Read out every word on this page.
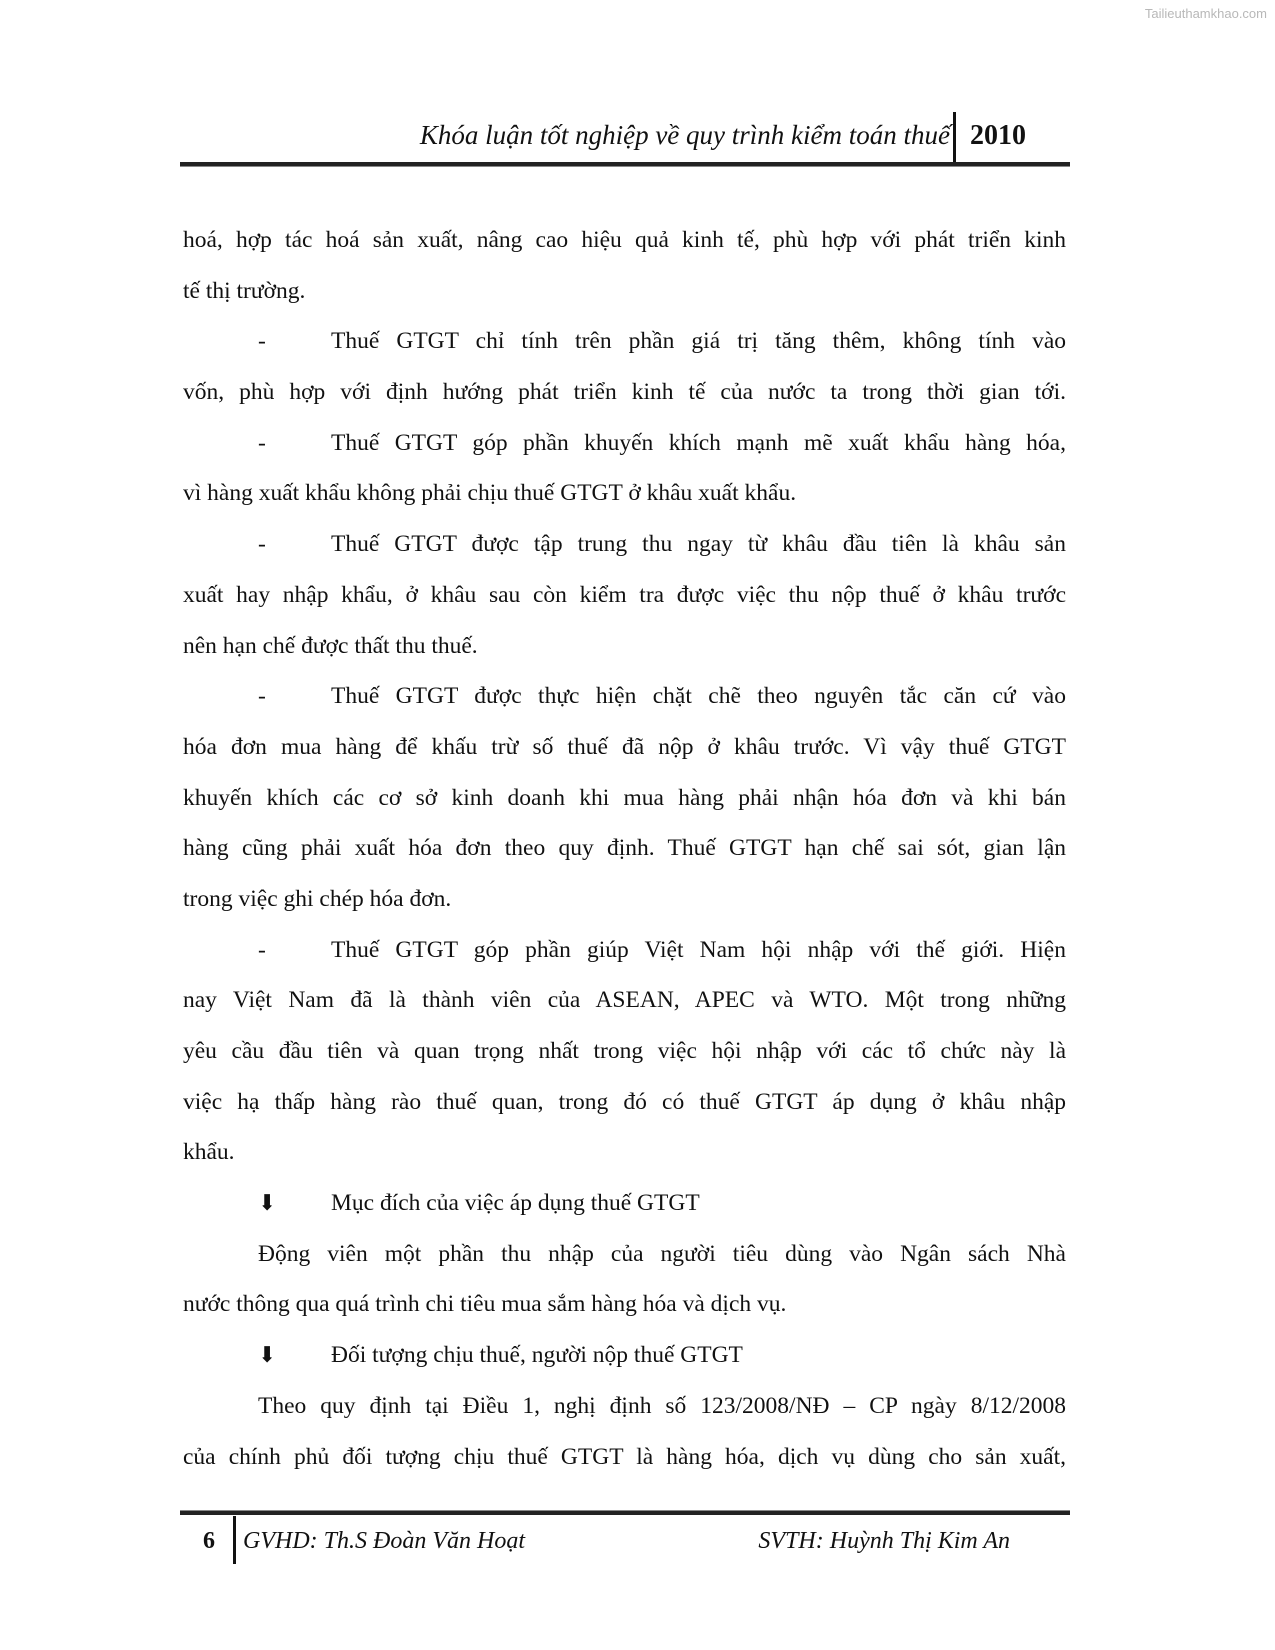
Tailieuthamkhao.com
Khóa luận tốt nghiệp về quy trình kiểm toán thuế 2010
hoá, hợp tác hoá sản xuất, nâng cao hiệu quả kinh tế, phù hợp với phát triển kinh
tế thị trường.
-	Thuế GTGT chỉ tính trên phần giá trị tăng thêm, không tính vào
vốn, phù hợp với định hướng phát triển kinh tế của nước ta trong thời gian tới.
-	Thuế GTGT góp phần khuyến khích mạnh mẽ xuất khẩu hàng hóa,
vì hàng xuất khẩu không phải chịu thuế GTGT ở khâu xuất khẩu.
-	Thuế GTGT được tập trung thu ngay từ khâu đầu tiên là khâu sản
xuất hay nhập khẩu, ở khâu sau còn kiểm tra được việc thu nộp thuế ở khâu trước
nên hạn chế được thất thu thuế.
-	Thuế GTGT được thực hiện chặt chẽ theo nguyên tắc căn cứ vào
hóa đơn mua hàng để khấu trừ số thuế đã nộp ở khâu trước. Vì vậy thuế GTGT
khuyến khích các cơ sở kinh doanh khi mua hàng phải nhận hóa đơn và khi bán
hàng cũng phải xuất hóa đơn theo quy định. Thuế GTGT hạn chế sai sót, gian lận
trong việc ghi chép hóa đơn.
-	Thuế GTGT góp phần giúp Việt Nam hội nhập với thế giới. Hiện
nay Việt Nam đã là thành viên của ASEAN, APEC và WTO. Một trong những
yêu cầu đầu tiên và quan trọng nhất trong việc hội nhập với các tổ chức này là
việc hạ thấp hàng rào thuế quan, trong đó có thuế GTGT áp dụng ở khâu nhập
khẩu.
⬇	Mục đích của việc áp dụng thuế GTGT
Động viên một phần thu nhập của người tiêu dùng vào Ngân sách Nhà
nước thông qua quá trình chi tiêu mua sắm hàng hóa và dịch vụ.
⬇	Đối tượng chịu thuế, người nộp thuế GTGT
Theo quy định tại Điều 1, nghị định số 123/2008/NĐ – CP ngày 8/12/2008
của chính phủ đối tượng chịu thuế GTGT là hàng hóa, dịch vụ dùng cho sản xuất,
6 GVHD: Th.S Đoàn Văn Hoạt	SVTH: Huỳnh Thị Kim An
